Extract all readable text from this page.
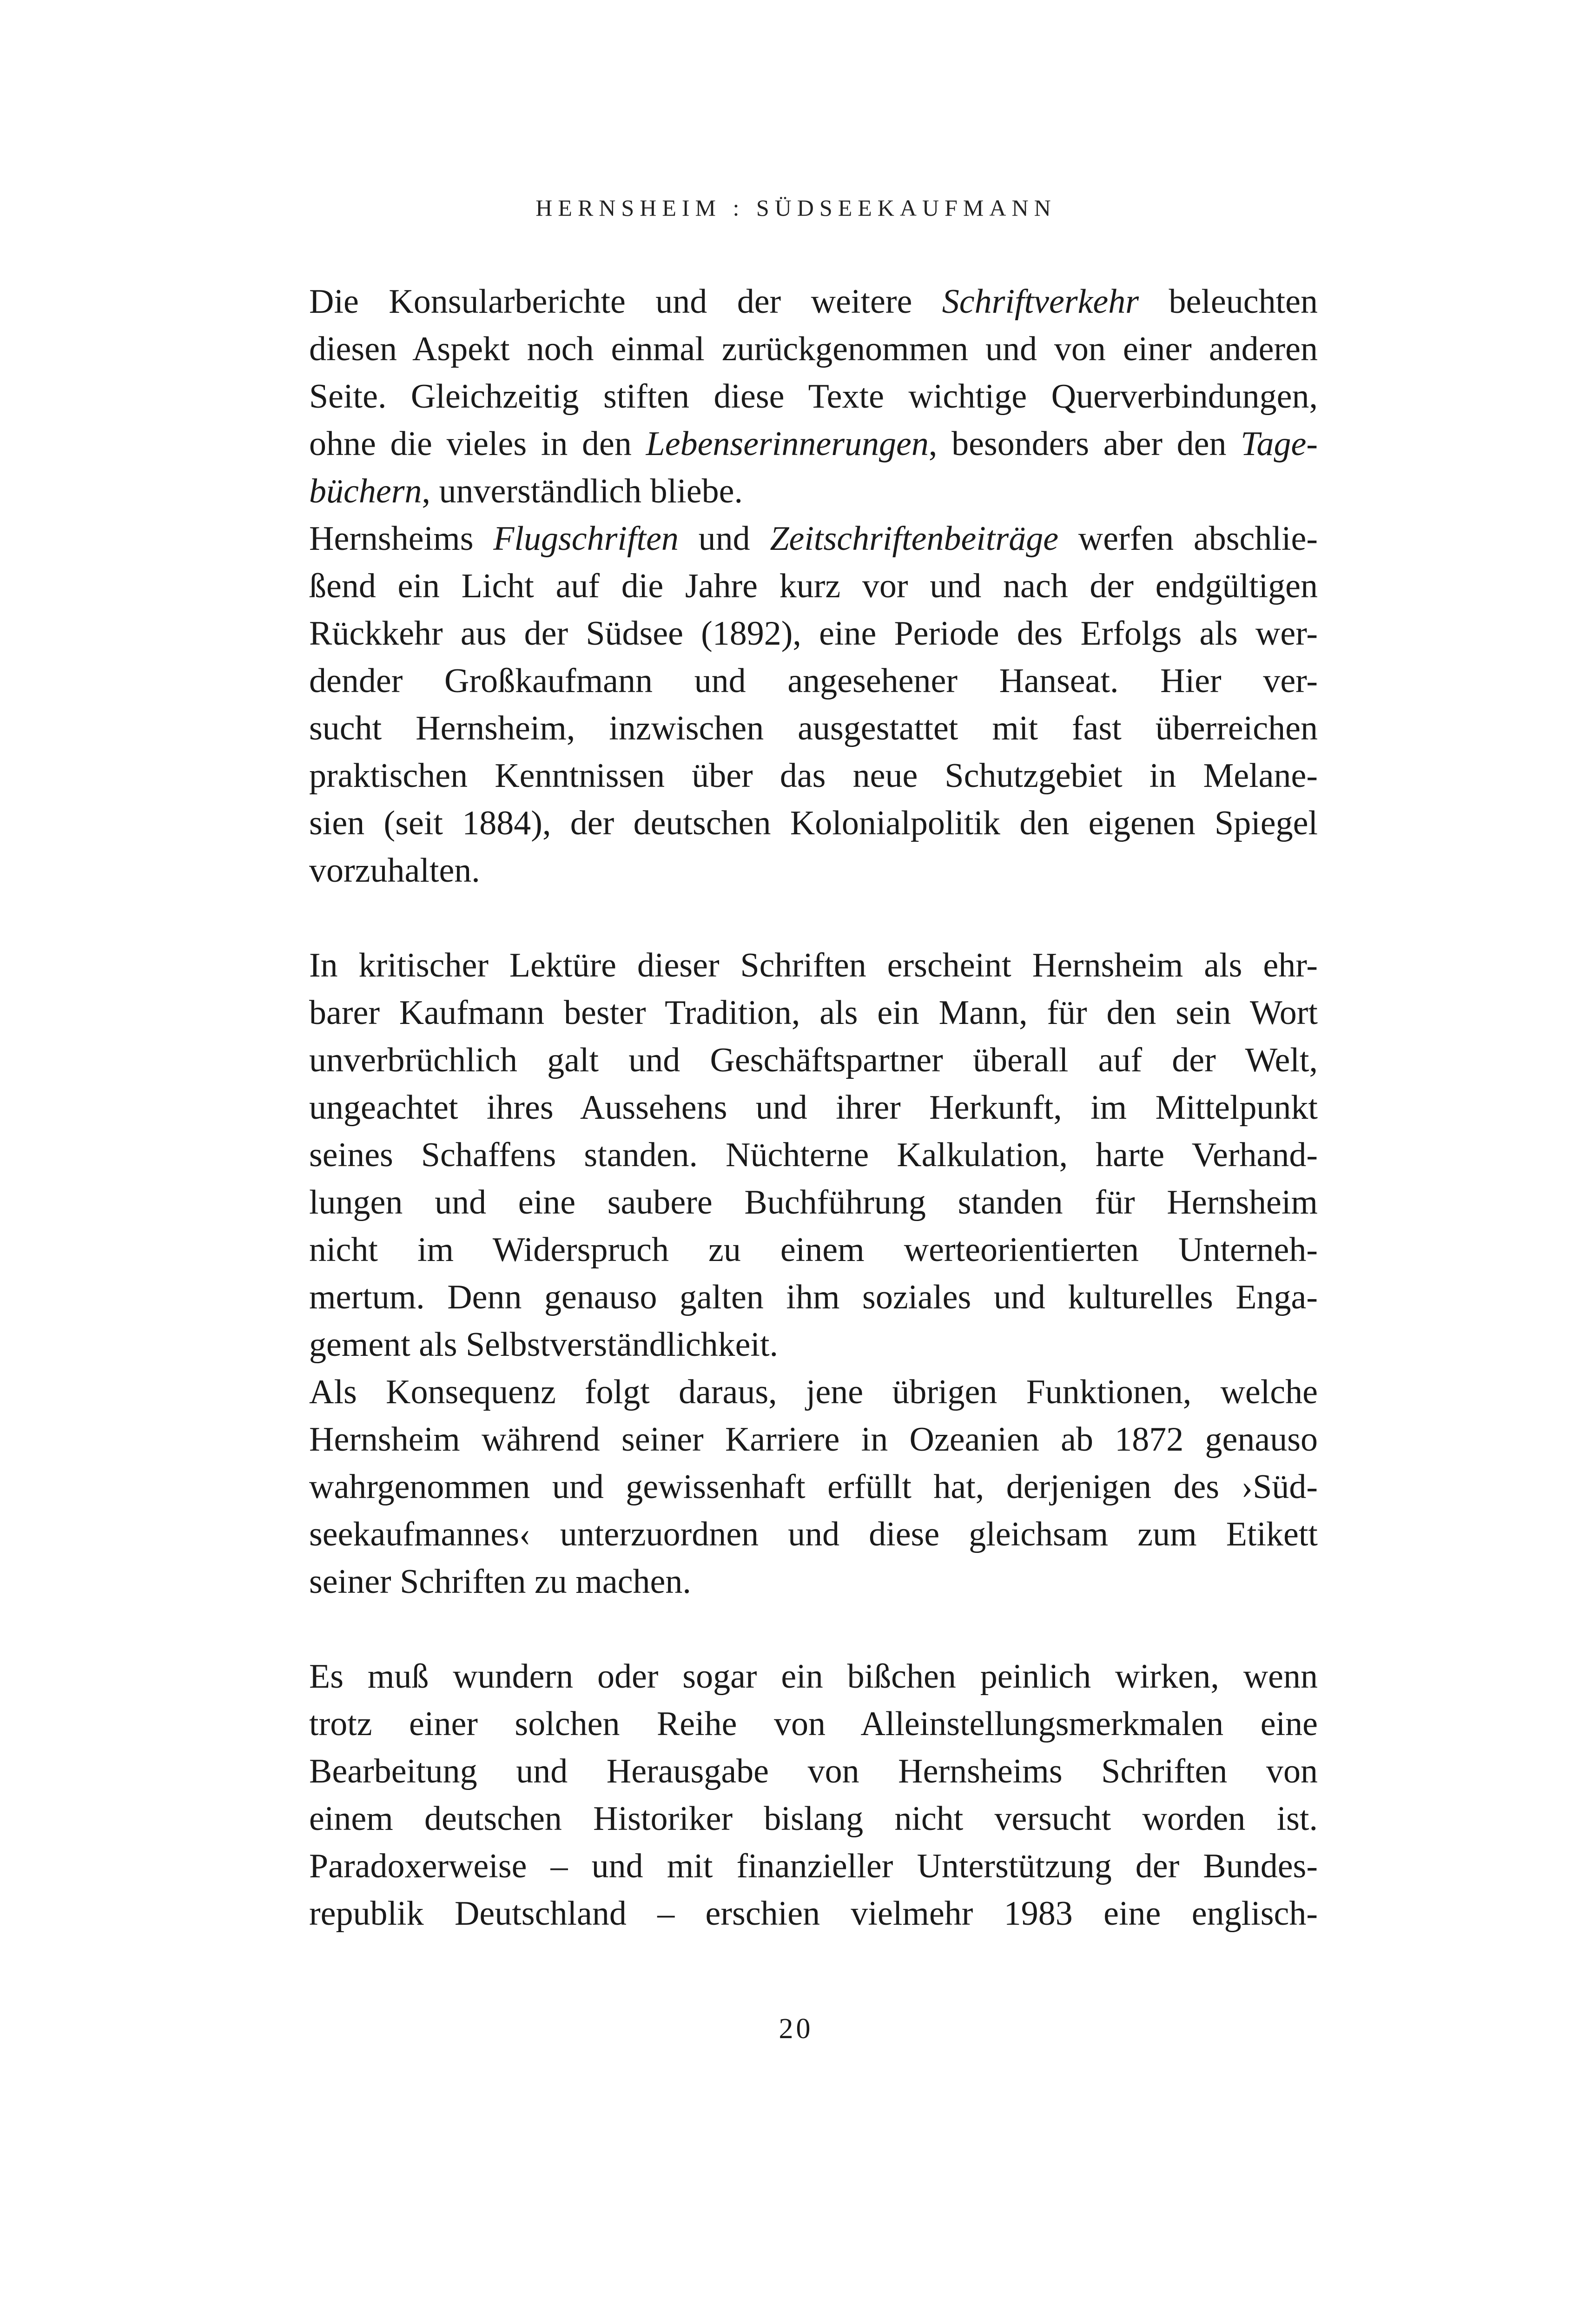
HERNSHEIM : SÜDSEEKAUFMANN
Die Konsularberichte und der weitere Schriftverkehr beleuchten
diesen Aspekt noch einmal zurückgenommen und von einer anderen
Seite. Gleichzeitig stiften diese Texte wichtige Querverbindungen,
ohne die vieles in den Lebenserinnerungen, besonders aber den Tage-
büchern, unverständlich bliebe.
Hernsheims Flugschriften und Zeitschriftenbeiträge werfen abschlie-
ßend ein Licht auf die Jahre kurz vor und nach der endgültigen
Rückkehr aus der Südsee (1892), eine Periode des Erfolgs als wer-
dender Großkaufmann und angesehener Hanseat. Hier ver-
sucht Hernsheim, inzwischen ausgestattet mit fast überreichen
praktischen Kenntnissen über das neue Schutzgebiet in Melane-
sien (seit 1884), der deutschen Kolonialpolitik den eigenen Spiegel
vorzuhalten.
In kritischer Lektüre dieser Schriften erscheint Hernsheim als ehr-
barer Kaufmann bester Tradition, als ein Mann, für den sein Wort
unverbrüchlich galt und Geschäftspartner überall auf der Welt,
ungeachtet ihres Aussehens und ihrer Herkunft, im Mittelpunkt
seines Schaffens standen. Nüchterne Kalkulation, harte Verhand-
lungen und eine saubere Buchführung standen für Hernsheim
nicht im Widerspruch zu einem werteorientierten Unterneh-
mertum. Denn genauso galten ihm soziales und kulturelles Enga-
gement als Selbstverständlichkeit.
Als Konsequenz folgt daraus, jene übrigen Funktionen, welche
Hernsheim während seiner Karriere in Ozeanien ab 1872 genauso
wahrgenommen und gewissenhaft erfüllt hat, derjenigen des ›Süd-
seekaufmannes‹ unterzuordnen und diese gleichsam zum Etikett
seiner Schriften zu machen.
Es muß wundern oder sogar ein bißchen peinlich wirken, wenn
trotz einer solchen Reihe von Alleinstellungsmerkmalen eine
Bearbeitung und Herausgabe von Hernsheims Schriften von
einem deutschen Historiker bislang nicht versucht worden ist.
Paradoxerweise – und mit finanzieller Unterstützung der Bundes-
republik Deutschland – erschien vielmehr 1983 eine englisch-
20
